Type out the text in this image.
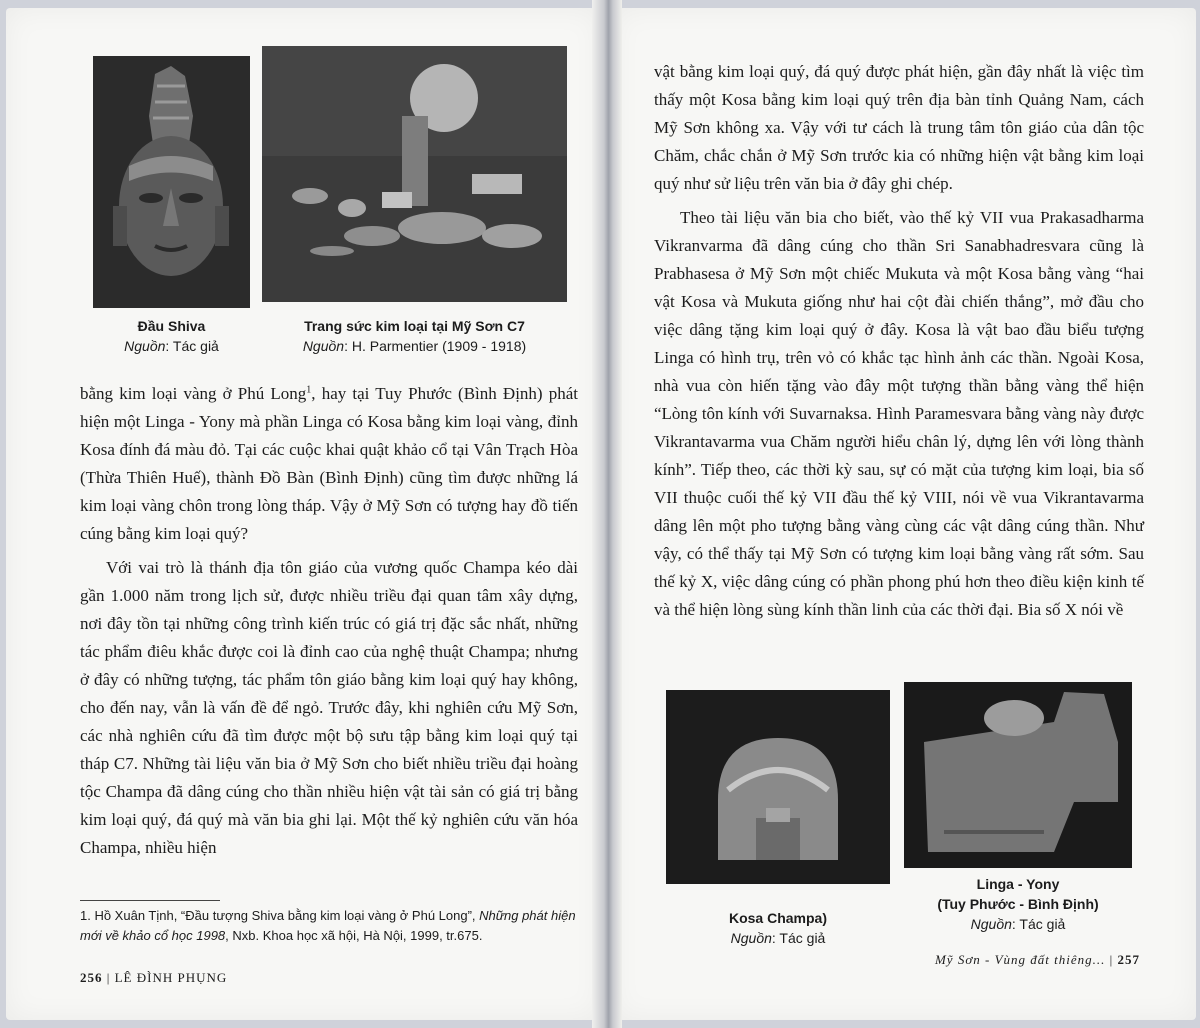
Đầu Shiva
Nguồn: Tác giả
Trang sức kim loại tại Mỹ Sơn C7
Nguồn: H. Parmentier (1909 - 1918)

bằng kim loại vàng ở Phú Long$^1$, hay tại Tuy Phước (Bình Định) phát hiện một Linga - Yony mà phần Linga có Kosa bằng kim loại vàng, đỉnh Kosa đính đá màu đỏ. Tại các cuộc khai quật khảo cổ tại Vân Trạch Hòa (Thừa Thiên Huế), thành Đồ Bàn (Bình Định) cũng tìm được những lá kim loại vàng chôn trong lòng tháp. Vậy ở Mỹ Sơn có tượng hay đồ tiến cúng bằng kim loại quý?

Với vai trò là thánh địa tôn giáo của vương quốc Champa kéo dài gần 1.000 năm trong lịch sử, được nhiều triều đại quan tâm xây dựng, nơi đây tồn tại những công trình kiến trúc có giá trị đặc sắc nhất, những tác phẩm điêu khắc được coi là đỉnh cao của nghệ thuật Champa; nhưng ở đây có những tượng, tác phẩm tôn giáo bằng kim loại quý hay không, cho đến nay, vẫn là vấn đề để ngỏ. Trước đây, khi nghiên cứu Mỹ Sơn, các nhà nghiên cứu đã tìm được một bộ sưu tập bằng kim loại quý tại tháp C7. Những tài liệu văn bia ở Mỹ Sơn cho biết nhiều triều đại hoàng tộc Champa đã dâng cúng cho thần nhiều hiện vật tài sản có giá trị bằng kim loại quý, đá quý mà văn bia ghi lại. Một thế kỷ nghiên cứu văn hóa Champa, nhiều hiện

1. Hồ Xuân Tịnh, “Đầu tượng Shiva bằng kim loại vàng ở Phú Long”, Những phát hiện mới về khảo cổ học 1998, Nxb. Khoa học xã hội, Hà Nội, 1999, tr.675.
256 | LÊ ĐÌNH PHỤNG

vật bằng kim loại quý, đá quý được phát hiện, gần đây nhất là việc tìm thấy một Kosa bằng kim loại quý trên địa bàn tỉnh Quảng Nam, cách Mỹ Sơn không xa. Vậy với tư cách là trung tâm tôn giáo của dân tộc Chăm, chắc chắn ở Mỹ Sơn trước kia có những hiện vật bằng kim loại quý như sử liệu trên văn bia ở đây ghi chép.

Theo tài liệu văn bia cho biết, vào thế kỷ VII vua Prakasadharma Vikranvarma đã dâng cúng cho thần Sri Sanabhadresvara cũng là Prabhasesa ở Mỹ Sơn một chiếc Mukuta và một Kosa bằng vàng “hai vật Kosa và Mukuta giống như hai cột đài chiến thắng”, mở đầu cho việc dâng tặng kim loại quý ở đây. Kosa là vật bao đầu biểu tượng Linga có hình trụ, trên vỏ có khắc tạc hình ảnh các thần. Ngoài Kosa, nhà vua còn hiến tặng vào đây một tượng thần bằng vàng thể hiện “Lòng tôn kính với Suvarnaksa. Hình Paramesvara bằng vàng này được Vikrantavarma vua Chăm người hiểu chân lý, dựng lên với lòng thành kính”. Tiếp theo, các thời kỳ sau, sự có mặt của tượng kim loại, bia số VII thuộc cuối thế kỷ VII đầu thế kỷ VIII, nói về vua Vikrantavarma dâng lên một pho tượng bằng vàng cùng các vật dâng cúng thần. Như vậy, có thể thấy tại Mỹ Sơn có tượng kim loại bằng vàng rất sớm. Sau thế kỷ X, việc dâng cúng có phần phong phú hơn theo điều kiện kinh tế và thể hiện lòng sùng kính thần linh của các thời đại. Bia số X nói về

Kosa Champa)
Nguồn: Tác giả
Linga - Yony
(Tuy Phước - Bình Định)
Nguồn: Tác giả
Mỹ Sơn - Vùng đất thiêng... | 257
